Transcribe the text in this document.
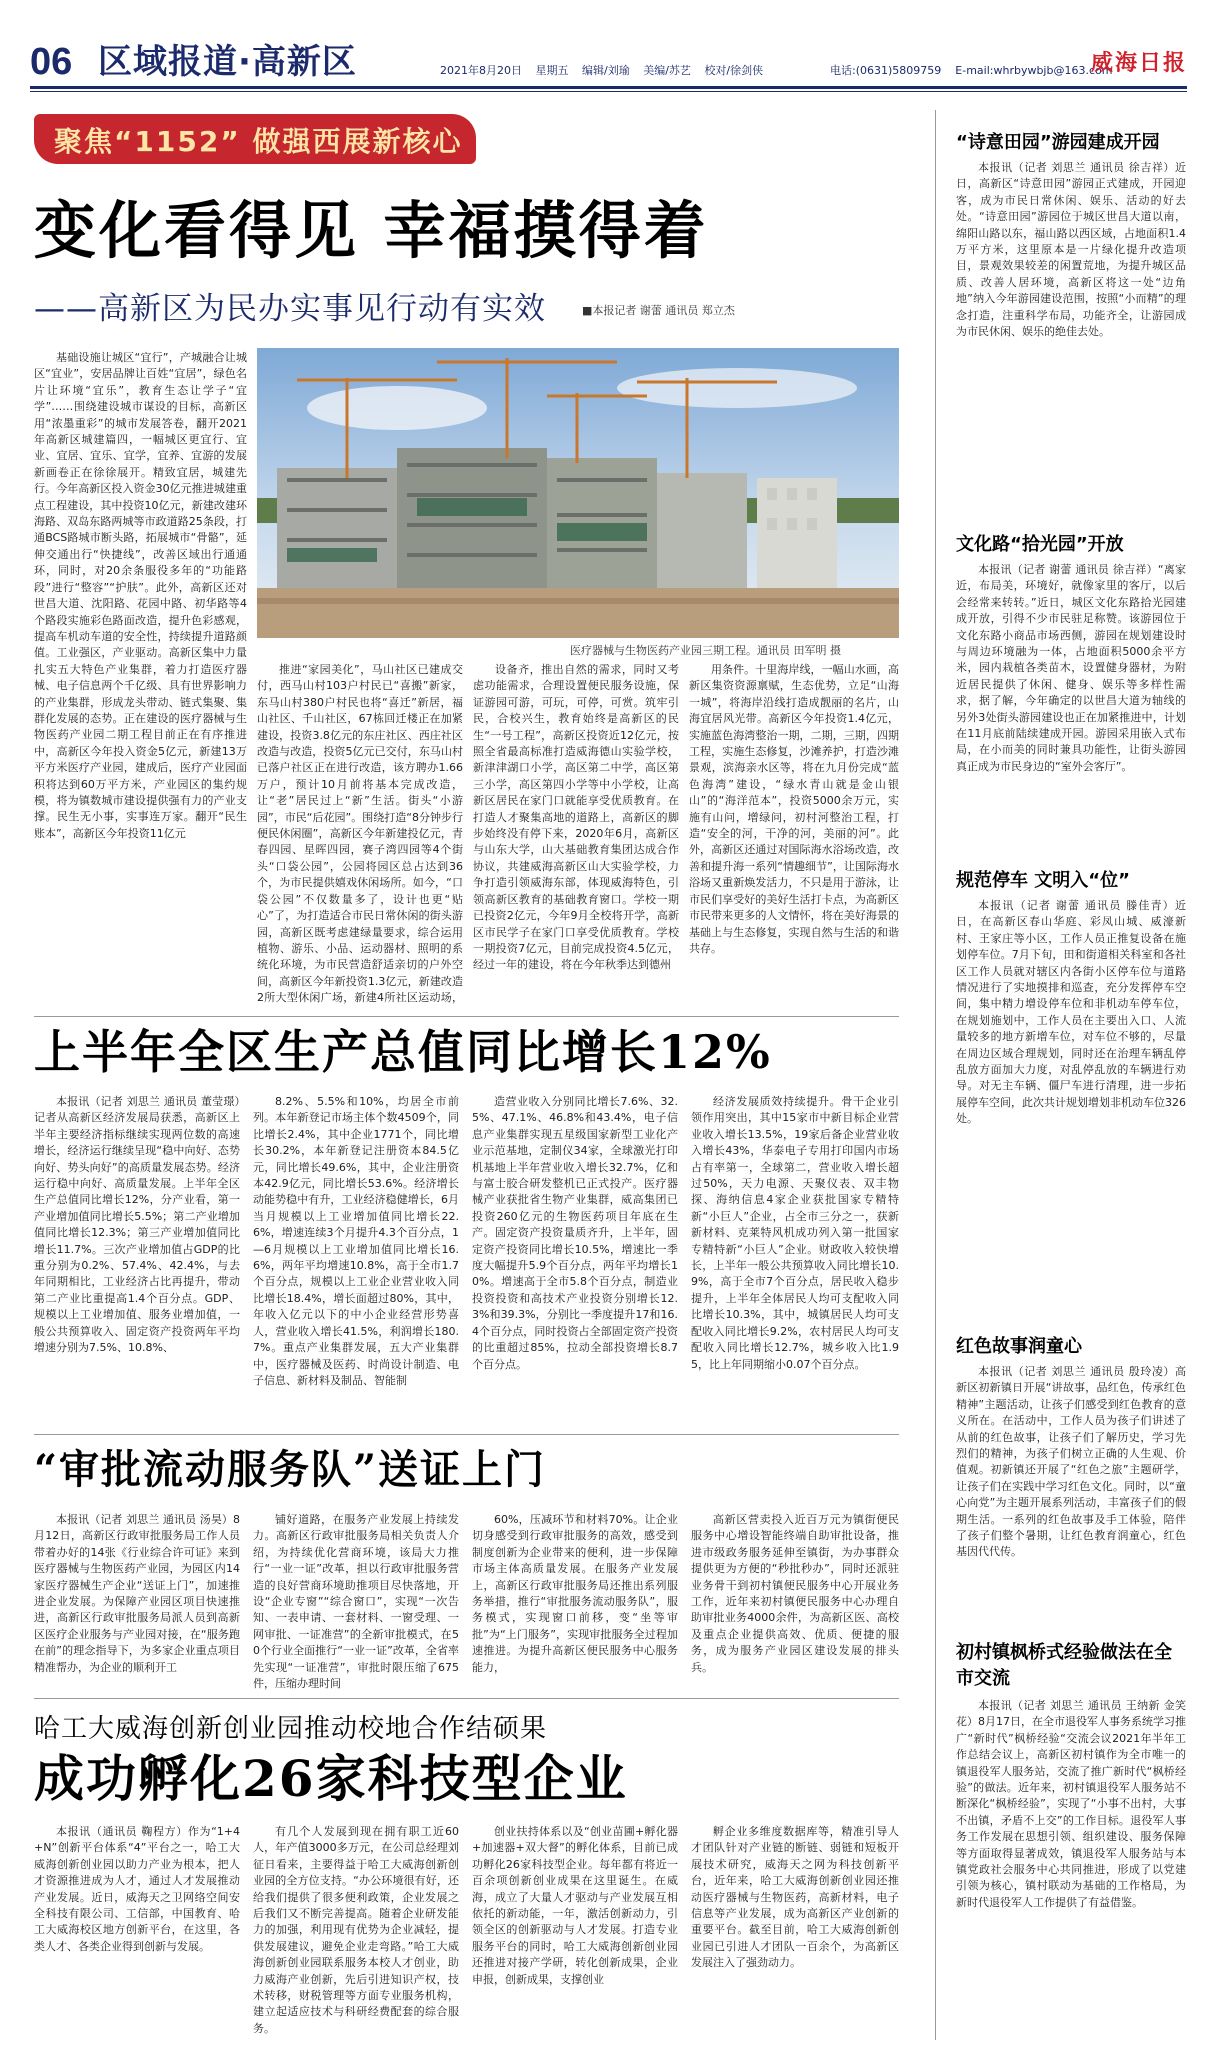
06 区域报道·高新区	2021年8月20日 星期五 编辑/刘瑜 美编/苏艺 校对/徐剑侠	电话:(0631)5809759 E-mail:whrbywbjb@163.com
威海日报
聚焦“1152” 做强西展新核心
变化看得见 幸福摸得着
——高新区为民办实事见行动有实效	■本报记者 谢蕾 通讯员 郑立杰

基础设施让城区“宜行”，产城融合让城区“宜业”，安居品牌让百姓“宜居”，绿色名片让环境“宜乐”，教育生态让学子“宜学”……围绕建设城市谋设的目标，高新区用“浓墨重彩”的城市发展答卷，翻开2021年高新区城建篇四，一幅城区更宜行、宜业、宜居、宜乐、宜学，宜养、宜游的发展新画卷正在徐徐展开。精致宜居，城建先行。今年高新区投入资金30亿元推进城建重点工程建设，其中投资10亿元，新建改建环海路、双岛东路两城等市政道路25条段，打通BCS路城市断头路，拓展城市“骨骼”，延伸交通出行“快捷线”，改善区域出行通通环，同时，对20余条服役多年的“功能路段”进行“整容”“护肤”。此外，高新区还对世昌大道、沈阳路、花园中路、初华路等4个路段实施彩色路面改造，提升色彩感观，提高车机动车道的安全性，持续提升道路颜值。工业强区，产业驱动。高新区集中力量扎实五大特色产业集群，着力打造医疗器械、电子信息两个千亿级、具有世界影响力的产业集群，形成龙头带动、链式集聚、集群化发展的态势。正在建设的医疗器械与生物医药产业园二期工程目前正在有序推进中，高新区今年投入资金5亿元，新建13万平方米医疗产业园，建成后，医疗产业园面积将达到60万平方米，产业园区的集约规模，将为镇数城市建设提供强有力的产业支撑。民生无小事，实事连万家。翻开“民生账本”，高新区今年投资11亿元

医疗器械与生物医药产业园三期工程。通讯员 田军明 摄

推进“家园美化”，马山社区已建成交付，西马山村103户村民已“喜搬”新家，东马山村380户村民也将“喜迁”新居，福山社区、千山社区，67栋回迁楼正在加紧建设，投资3.8亿元的东庄社区、西庄社区改造与改造，投资5亿元已交付，东马山村已落户社区正在进行改造，该方聘办1.66万户，预计10月前将基本完成改造，让“老”居民过上“新”生活。街头“小游园”，市民“后花园”。围绕打造“8分钟步行便民休闲圈”，高新区今年新建投亿元，青春四园、星晖四园，赛子湾四园等4个街头“口袋公园”，公园将园区总占达到36个，为市民提供嬉戏休闲场所。如今，“口袋公园”不仅数量多了，设计也更“贴心”了，为打造适合市民日常休闲的街头游园，高新区既考虑建绿量要求，综合运用植物、游乐、小品、运动器材、照明的系统化环境，为市民营造舒适亲切的户外空间，高新区今年新投资1.3亿元，新建改造2所大型休闲广场，新建4所社区运动场，

设备齐，推出自然的需求，同时又考虑功能需求，合理设置便民服务设施，保证游园可游，可玩，可停，可赏。筑牢引民，合校兴生，教育始终是高新区的民生“一号工程”，高新区投资近12亿元，按照全省最高标准打造威海德山实验学校，新津津湖口小学，高区第二中学，高区第三小学，高区第四小学等中小学校，让高新区居民在家门口就能享受优质教育。在打造人才聚集高地的道路上，高新区的脚步始终没有停下来，2020年6月，高新区与山东大学，山大基础教育集团达成合作协议，共建威海高新区山大实验学校，力争打造引领威海东部，体现威海特色，引领高新区教育的基础教育窗口。学校一期已投资2亿元，今年9月全校将开学，高新区市民学子在家门口享受优质教育。学校一期投资7亿元，目前完成投资4.5亿元，经过一年的建设，将在今年秋季达到德州

用条件。十里海岸线，一幅山水画，高新区集资资源禀赋，生态优势，立足“山海一城”，将海岸沿线打造成靓丽的名片，山海宜居风光带。高新区今年投资1.4亿元，实施蓝色海湾整治一期，二期，三期，四期工程，实施生态修复，沙滩养护，打造沙滩景观，滨海亲水区等，将在九月份完成“蓝色海湾”建设，“绿水青山就是金山银山”的“海洋范本”，投资5000余万元，实施有山问，增绿问，初村河整治工程，打造“安全的河，干净的河，美丽的河”。此外，高新区还通过对国际海水浴场改造，改善和提升海一系列“情趣细节”，让国际海水浴场又重新焕发活力，不只是用于游泳，让市民们享受好的美好生活打卡点，为高新区市民带来更多的人文情怀，将在美好海景的基础上与生态修复，实现自然与生活的和谐共存。

上半年全区生产总值同比增长12%

本报讯（记者 刘思兰 通讯员 董莹璟）记者从高新区经济发展局获悉，高新区上半年主要经济指标继续实现两位数的高速增长，经济运行继续呈现“稳中向好、态势向好、势头向好”的高质量发展态势。经济运行稳中向好、高质量发展。上半年全区生产总值同比增长12%，分产业看，第一产业增加值同比增长5.5%；第二产业增加值同比增长12.3%；第三产业增加值同比增长11.7%。三次产业增加值占GDP的比重分别为0.2%、57.4%、42.4%，与去年同期相比，工业经济占比再提升，带动第二产业比重提高1.4个百分点。GDP、规模以上工业增加值、服务业增加值，一般公共预算收入、固定资产投资两年平均增速分别为7.5%、10.8%、

8.2%、5.5%和10%，均居全市前列。本年新登记市场主体个数4509个，同比增长2.4%，其中企业1771个，同比增长30.2%，本年新登记注册资本84.5亿元，同比增长49.6%，其中，企业注册资本42.9亿元，同比增长53.6%。经济增长动能势稳中有升，工业经济稳健增长，6月当月规模以上工业增加值同比增长22.6%，增速连续3个月提升4.3个百分点，1—6月规模以上工业增加值同比增长16.6%，两年平均增速10.8%，高于全市1.7个百分点，规模以上工业企业营业收入同比增长18.4%，增长面超过80%，其中，年收入亿元以下的中小企业经营形势喜人，营业收入增长41.5%，利润增长180.7%。重点产业集群发展，五大产业集群中，医疗器械及医药、时尚设计制造、电子信息、新材料及制品、智能制

造营业收入分别同比增长7.6%、32.5%、47.1%、46.8%和43.4%，电子信息产业集群实现五星级国家新型工业化产业示范基地，定制仪34家，全球激光打印机基地上半年营业收入增长32.7%，亿和与富士胶合研发整机已正式投产。医疗器械产业获批省生物产业集群，威高集团已投资260亿元的生物医药项目年底在生产。固定资产投资量质齐升，上半年，固定资产投资同比增长10.5%，增速比一季度大幅提升5.9个百分点，两年平均增长10%。增速高于全市5.8个百分点，制造业投资投资和高技术产业投资分别增长12.3%和39.3%，分别比一季度提升17和16.4个百分点，同时投资占全部固定资产投资的比重超过85%，拉动全部投资增长8.7个百分点。

经济发展质效持续提升。骨干企业引领作用突出，其中15家市中新目标企业营业收入增长13.5%，19家后备企业营业收入增长43%，华泰电子专用打印国内市场占有率第一，全球第二，营业收入增长超过50%，天力电源、天聚仪表、双丰物探、海纳信息4家企业获批国家专精特新“小巨人”企业，占全市三分之一，获新新材料、克莱特风机成功列入第一批国家专精特新“小巨人”企业。财政收入较快增长，上半年一般公共预算收入同比增长10.9%，高于全市7个百分点，居民收入稳步提升，上半年全体居民人均可支配收入同比增长10.3%，其中，城镇居民人均可支配收入同比增长9.2%，农村居民人均可支配收入同比增长12.7%，城乡收入比1.95，比上年同期缩小0.07个百分点。

“审批流动服务队”送证上门

本报讯（记者 刘思兰 通讯员 汤昊）8月12日，高新区行政审批服务局工作人员带着办好的14张《行业综合许可证》来到医疗器械与生物医药产业园，为园区内14家医疗器械生产企业“送证上门”，加速推进企业发展。为保障产业园区项目快速推进，高新区行政审批服务局派人员到高新区医疗企业服务与产业园对接，在“服务跑在前”的理念指导下，为多家企业重点项目精准帮办，为企业的顺利开工

铺好道路，在服务产业发展上持续发力。高新区行政审批服务局相关负责人介绍，为持续优化营商环境，该局大力推行“一业一证”改革，担以行政审批服务营造的良好营商环境助推项目尽快落地，开设“企业专窗”“综合窗口”，实现“一次告知、一表申请、一套材料、一窗受理、一网审批、一证准营”的全新审批模式，在50个行业全面推行“一业一证”改革，全省率先实现“一证准营”，审批时限压缩了675件，压缩办理时间

60%，压减环节和材料70%。让企业切身感受到行政审批服务的高效，感受到制度创新为企业带来的便利，进一步保障市场主体高质量发展。在服务产业发展上，高新区行政审批服务局还推出系列服务举措，推行“审批服务流动服务队”，服务模式，实现窗口前移，变“坐等审批”为“上门服务”，实现审批服务全过程加速推进。为提升高新区便民服务中心服务能力，

高新区营卖投入近百万元为镇街便民服务中心增设智能终端自助审批设备，推进市级政务服务延伸至镇街，为办事群众提供更为方便的“秒批秒办”，同时还派驻业务骨干到初村镇便民服务中心开展业务工作，近年来初村镇便民服务中心办理自助审批业务4000余件，为高新区医、高校及重点企业提供高效、优质、便捷的服务，成为服务产业园区建设发展的排头兵。

哈工大威海创新创业园推动校地合作结硕果
成功孵化26家科技型企业

本报讯（通讯员 鞠程方）作为“1+4+N”创新平台体系“4”平台之一，哈工大威海创新创业园以助力产业为根本，把人才资源推进成为人才，通过人才发展推动产业发展。近日，威海天之卫网络空间安全科技有限公司、工信部，中国教育、哈工大威海校区地方创新平台，在这里，各类人才、各类企业得到创新与发展。

有几个人发展到现在拥有职工近60人，年产值3000多万元，在公司总经理刘征日看来，主要得益于哈工大威海创新创业园的全方位支持。“办公环境很有好，还给我们提供了很多便利政策，企业发展之后我们又不断完善提高。随着企业研发能力的加强，利用现有优势为企业减轻，提供发展建议，避免企业走弯路。”哈工大威海创新创业园联系服务本校人才创业，助力威海产业创新，先后引进知识产权，技术转移，财税管理等方面专业服务机构，建立起适应技术与科研经费配套的综合服务。

创业扶持体系以及“创业苗圃+孵化器+加速器+双大督”的孵化体系，目前已成功孵化26家科技型企业。每年都有将近一百余项创新创业成果在这里诞生。在威海，成立了大量人才驱动与产业发展互相依托的新动能，一年，激活创新动力，引领全区的创新驱动与人才发展。打造专业服务平台的同时，哈工大威海创新创业园还推进对接产学研，转化创新成果，企业申报，创新成果，支撑创业

孵企业多维度数据库等，精准引导人才团队针对产业链的断链、弱链和短板开展技术研究，威海天之网为科技创新平台，近年来，哈工大威海创新创业园还推动医疗器械与生物医药，高新材料，电子信息等产业发展，成为高新区产业创新的重要平台。截至目前，哈工大威海创新创业园已引进人才团队一百余个，为高新区发展注入了强劲动力。

“诗意田园”游园建成开园

本报讯（记者 刘思兰 通讯员 徐吉祥）近日，高新区“诗意田园”游园正式建成，开园迎客，成为市民日常休闲、娱乐、活动的好去处。“诗意田园”游园位于城区世昌大道以南，绵阳山路以东，福山路以西区域，占地面积1.4万平方米，这里原本是一片绿化提升改造项目，景观效果较差的闲置荒地，为提升城区品质、改善人居环境，高新区将这一处“边角地”纳入今年游园建设范围，按照“小而精”的理念打造，注重科学布局，功能齐全，让游园成为市民休闲、娱乐的绝佳去处。

文化路“拾光园”开放

本报讯（记者 谢蕾 通讯员 徐吉祥）“离家近，布局美，环境好，就像家里的客厅，以后会经常来转转。”近日，城区文化东路拾光园建成开放，引得不少市民驻足称赞。该游园位于文化东路小商品市场西侧，游园在规划建设时与周边环境融为一体，占地面积5000余平方米，园内栽植各类苗木，设置健身器材，为附近居民提供了休闲、健身、娱乐等多样性需求，据了解，今年确定的以世昌大道为轴线的另外3处街头游园建设也正在加紧推进中，计划在11月底前陆续建成开园。游园采用嵌入式布局，在小而美的同时兼具功能性，让街头游园真正成为市民身边的“室外会客厅”。

规范停车 文明入“位”

本报讯（记者 谢蕾 通讯员 滕佳青）近日，在高新区春山华庭、彩凤山城、威濠新村、王家庄等小区，工作人员正推复设备在施划停车位。7月下旬，田和街道相关科室和各社区工作人员就对辖区内各街小区停车位与道路情况进行了实地摸排和巡查，充分发挥停车空间，集中精力增设停车位和非机动车停车位，在规划施划中，工作人员在主要出入口、人流量较多的地方新增车位，对车位不够的，尽量在周边区域合理规划，同时还在治理车辆乱停乱放方面加大力度，对乱停乱放的车辆进行劝导。对无主车辆、僵尸车进行清理，进一步拓展停车空间，此次共计规划增划非机动车位326处。

红色故事润童心

本报讯（记者 刘思兰 通讯员 殷玲凌）高新区初新镇日开展“讲故事，品红色，传承红色精神”主题活动，让孩子们感受到红色教育的意义所在。在活动中，工作人员为孩子们讲述了从前的红色故事，让孩子们了解历史，学习先烈们的精神，为孩子们树立正确的人生观、价值观。初新镇还开展了“红色之旅”主题研学，让孩子们在实践中学习红色文化。同时，以“童心向党”为主题开展系列活动，丰富孩子们的假期生活。一系列的红色故事及手工体验，陪伴了孩子们整个暑期，让红色教育润童心，红色基因代代传。

初村镇枫桥式经验做法在全市交流

本报讯（记者 刘思兰 通讯员 王纳新 金笑花）8月17日，在全市退役军人事务系统学习推广“新时代”枫桥经验“交流会议2021年半年工作总结会议上，高新区初村镇作为全市唯一的镇退役军人服务站，交流了推广新时代“枫桥经验”的做法。近年来，初村镇退役军人服务站不断深化“枫桥经验”，实现了“小事不出村，大事不出镇，矛盾不上交”的工作目标。退役军人事务工作发展在思想引领、组织建设、服务保障等方面取得显著成效，镇退役军人服务站与本镇党政社会服务中心共同推进，形成了以党建引领为核心，镇村联动为基础的工作格局，为新时代退役军人工作提供了有益借鉴。
